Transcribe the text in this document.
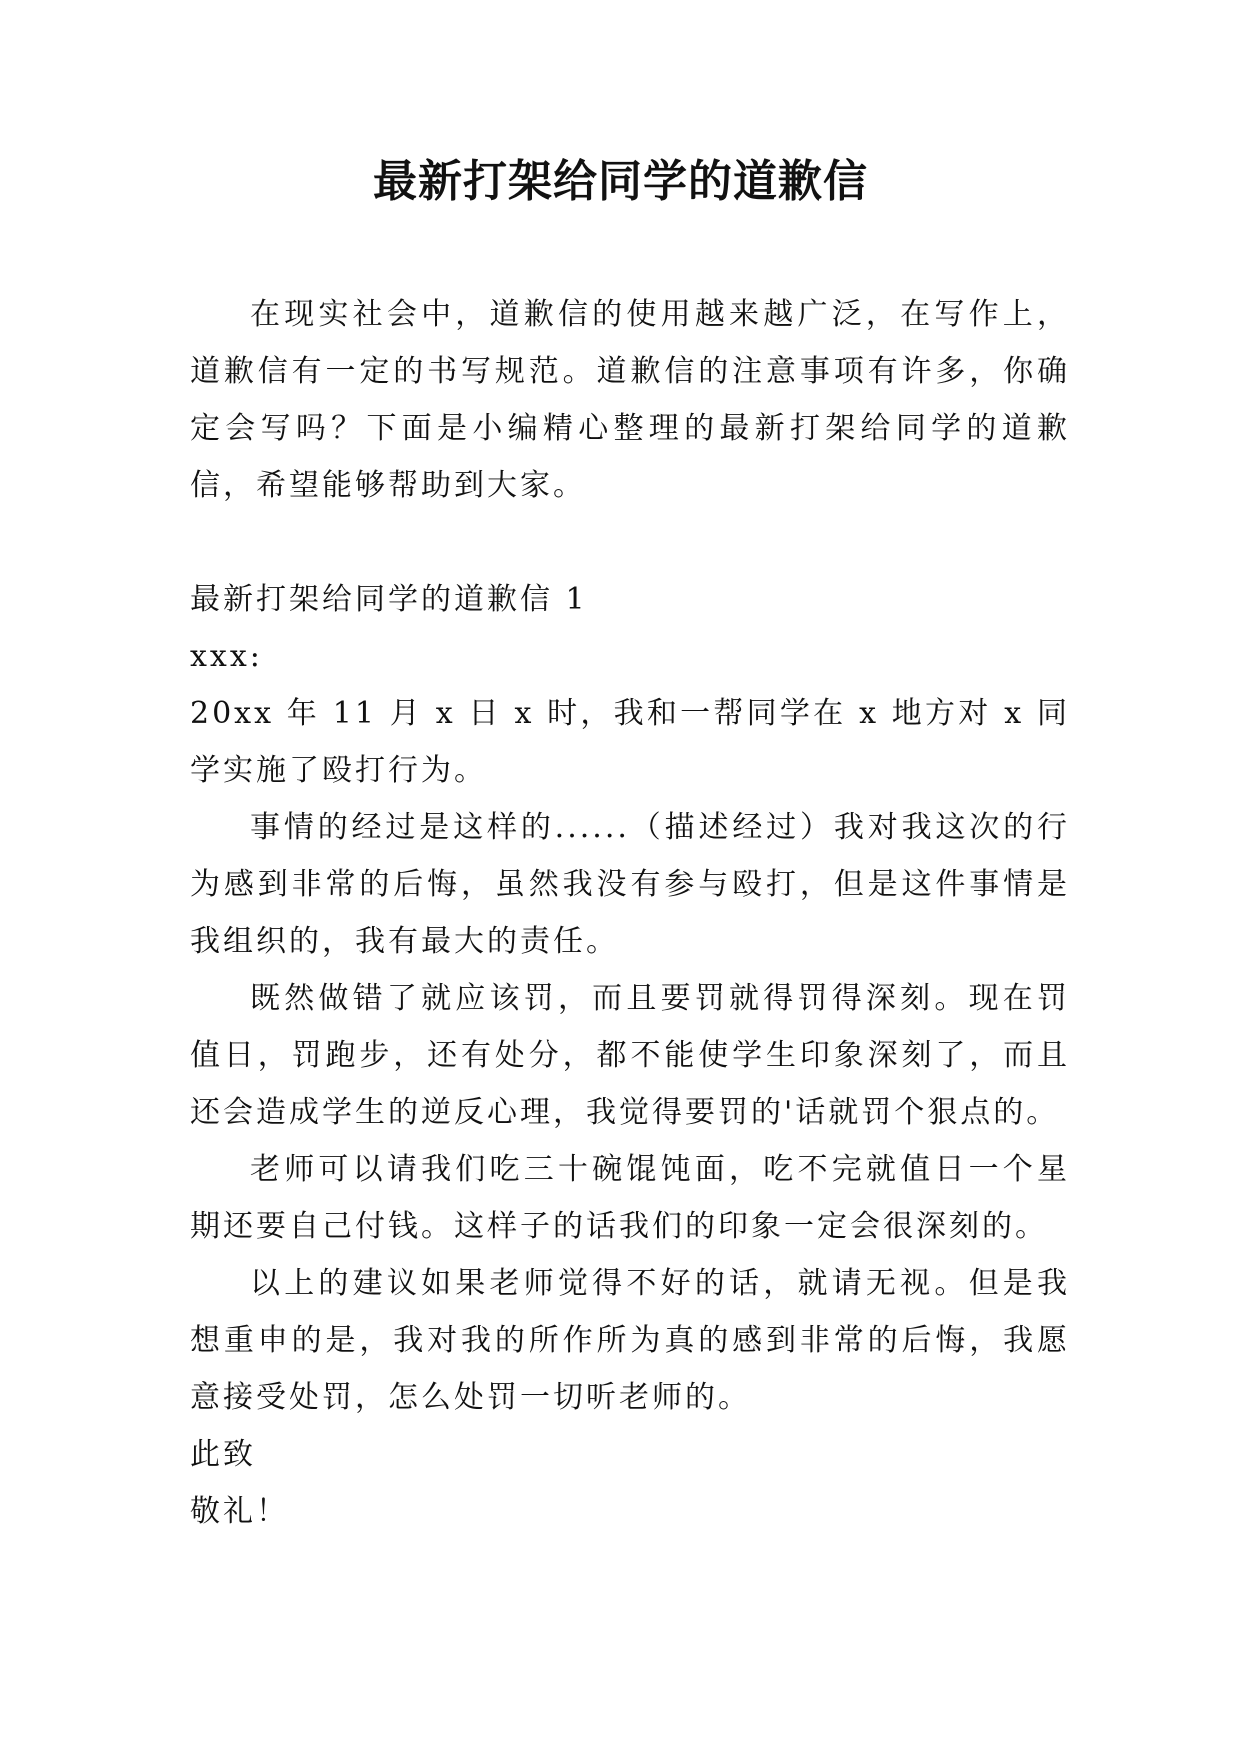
最新打架给同学的道歉信

在现实社会中，道歉信的使用越来越广泛，在写作上，道歉信有一定的书写规范。道歉信的注意事项有许多，你确定会写吗？下面是小编精心整理的最新打架给同学的道歉信，希望能够帮助到大家。

最新打架给同学的道歉信 1

xxx:

20xx 年 11 月 x 日 x 时，我和一帮同学在 x 地方对 x 同学实施了殴打行为。

事情的经过是这样的......（描述经过）我对我这次的行为感到非常的后悔，虽然我没有参与殴打，但是这件事情是我组织的，我有最大的责任。

既然做错了就应该罚，而且要罚就得罚得深刻。现在罚值日，罚跑步，还有处分，都不能使学生印象深刻了，而且还会造成学生的逆反心理，我觉得要罚的'话就罚个狠点的。

老师可以请我们吃三十碗馄饨面，吃不完就值日一个星期还要自己付钱。这样子的话我们的印象一定会很深刻的。

以上的建议如果老师觉得不好的话，就请无视。但是我想重申的是，我对我的所作所为真的感到非常的后悔，我愿意接受处罚，怎么处罚一切听老师的。

此致

敬礼！
